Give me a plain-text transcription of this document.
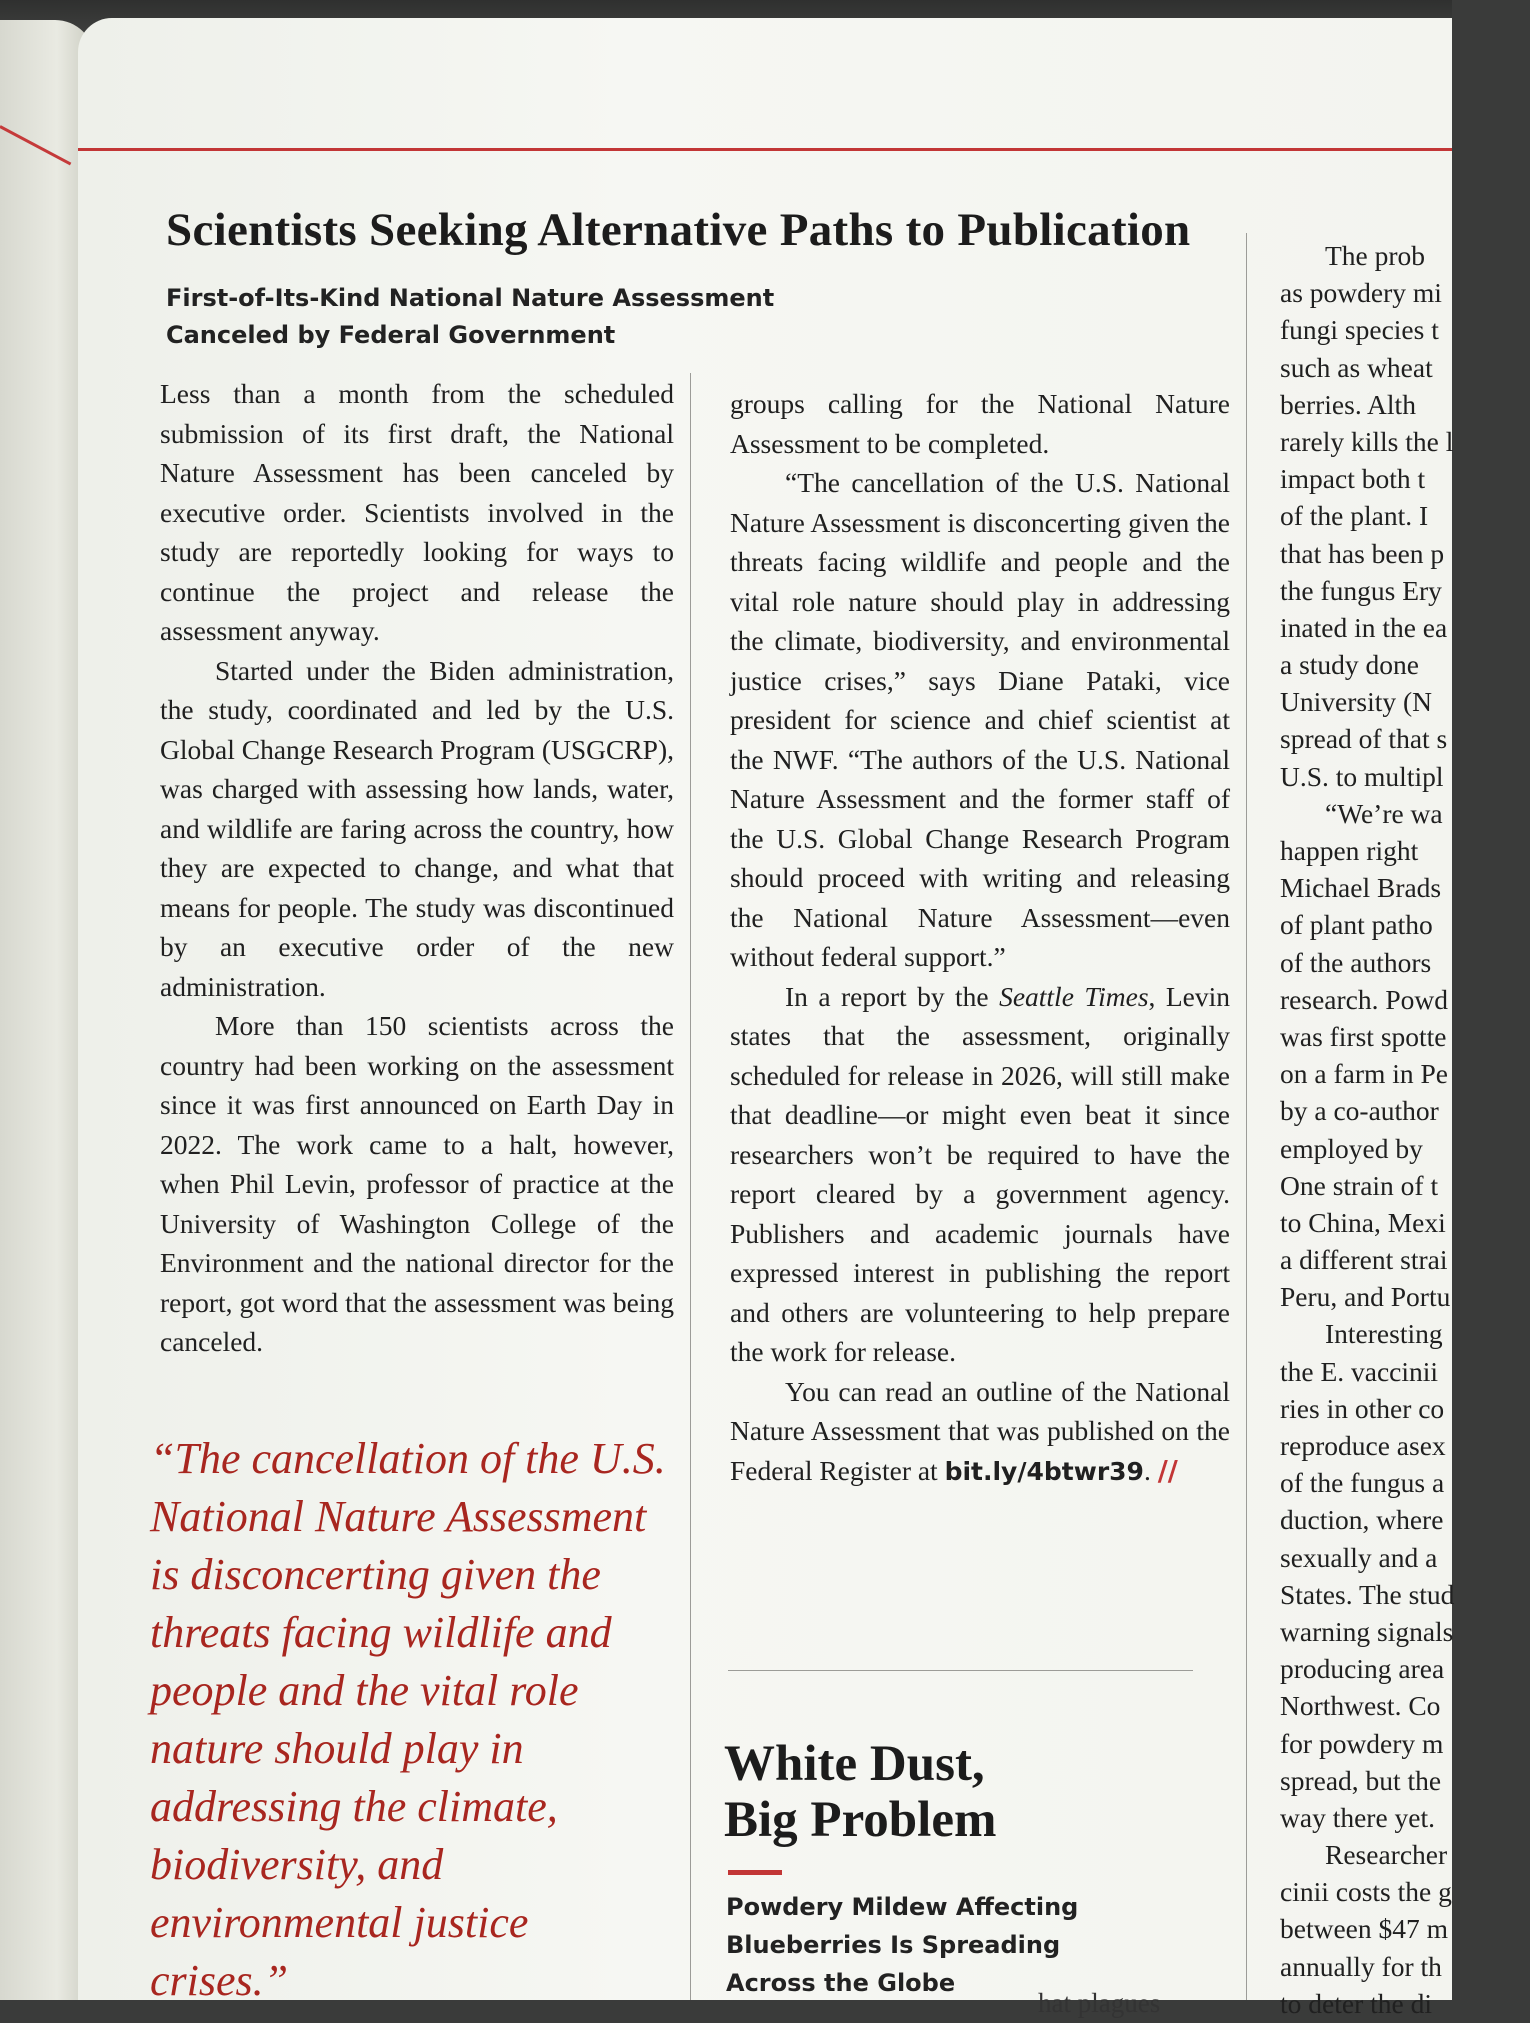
Scientists Seeking Alternative Paths to Publication
First-of-Its-Kind National Nature Assessment
Canceled by Federal Government

Less than a month from the scheduled submission of its first draft, the National Nature Assessment has been canceled by executive order. Scientists involved in the study are reportedly looking for ways to continue the project and release the assessment anyway.

Started under the Biden administration, the study, coordinated and led by the U.S. Global Change Research Program (USGCRP), was charged with assessing how lands, water, and wildlife are faring across the country, how they are expected to change, and what that means for people. The study was discontinued by an executive order of the new administration.

More than 150 scientists across the country had been working on the assessment since it was first announced on Earth Day in 2022. The work came to a halt, however, when Phil Levin, professor of practice at the University of Washington College of the Environment and the national director for the report, got word that the assessment was being canceled.

“The cancellation of the U.S. National Nature Assessment is disconcerting given the threats facing wildlife and people and the vital role nature should play in addressing the climate, biodiversity, and environmental justice crises.”

groups calling for the National Nature Assessment to be completed.

“The cancellation of the U.S. National Nature Assessment is disconcerting given the threats facing wildlife and people and the vital role nature should play in addressing the climate, biodiversity, and environmental justice crises,” says Diane Pataki, vice president for science and chief scientist at the NWF. “The authors of the U.S. National Nature Assessment and the former staff of the U.S. Global Change Research Program should proceed with writing and releasing the National Nature Assessment—even without federal support.”

In a report by the Seattle Times, Levin states that the assessment, originally scheduled for release in 2026, will still make that deadline—or might even beat it since researchers won’t be required to have the report cleared by a government agency. Publishers and academic journals have expressed interest in publishing the report and others are volunteering to help prepare the work for release.

You can read an outline of the National Nature Assessment that was published on the Federal Register at bit.ly/4btwr39. //

White Dust,
Big Problem
Powdery Mildew Affecting
Blueberries Is Spreading
Across the Globe
hat plagues
The prob
as powdery mi
fungi species t
such as wheat
berries. Alth
rarely kills the l
impact both t
of the plant. I
that has been p
the fungus Ery
inated in the ea
a study done
University (N
spread of that s
U.S. to multipl
“We’re wa
happen right
Michael Brads
of plant patho
of the authors
research. Powd
was first spotte
on a farm in Pe
by a co-author
employed by
One strain of t
to China, Mexi
a different strai
Peru, and Portu
Interesting
the E. vaccinii
ries in other co
reproduce asex
of the fungus a
duction, where
sexually and a
States. The stud
warning signals
producing area
Northwest. Co
for powdery m
spread, but the
way there yet.
Researcher
cinii costs the g
between $47 m
annually for th
to deter the di
